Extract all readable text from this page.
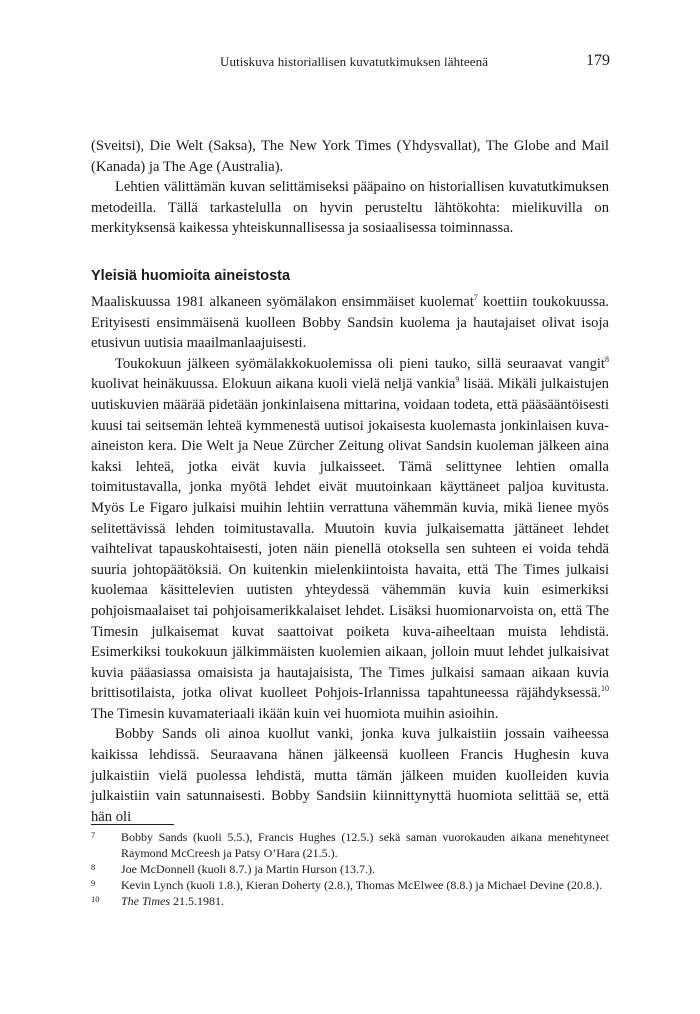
Uutiskuva historiallisen kuvatutkimuksen lähteenä	179

(Sveitsi), Die Welt (Saksa), The New York Times (Yhdysvallat), The Globe and Mail (Kanada) ja The Age (Australia).

Lehtien välittämän kuvan selittämiseksi pääpaino on historiallisen kuvatutkimuksen metodeilla. Tällä tarkastelulla on hyvin perusteltu lähtökohta: mielikuvilla on merkityksensä kaikessa yhteiskunnallisessa ja sosiaalisessa toiminnassa.

Yleisiä huomioita aineistosta

Maaliskuussa 1981 alkaneen syömälakon ensimmäiset kuolemat$^7$ koettiin toukokuussa. Erityisesti ensimmäisenä kuolleen Bobby Sandsin kuolema ja hautajaiset olivat isoja etusivun uutisia maailmanlaajuisesti.

Toukokuun jälkeen syömälakkokuolemissa oli pieni tauko, sillä seuraavat vangit$^8$ kuolivat heinäkuussa. Elokuun aikana kuoli vielä neljä vankia$^9$ lisää. Mikäli julkaistujen uutiskuvien määrää pidetään jonkinlaisena mittarina, voidaan todeta, että pääsääntöisesti kuusi tai seitsemän lehteä kymmenestä uutisoi jokaisesta kuolemasta jonkinlaisen kuva-aineiston kera. Die Welt ja Neue Zürcher Zeitung olivat Sandsin kuoleman jälkeen aina kaksi lehteä, jotka eivät kuvia julkaisseet. Tämä selittynee lehtien omalla toimitustavalla, jonka myötä lehdet eivät muutoinkaan käyttäneet paljoa kuvitusta. Myös Le Figaro julkaisi muihin lehtiin verrattuna vähemmän kuvia, mikä lienee myös selitettävissä lehden toimitustavalla. Muutoin kuvia julkaisematta jättäneet lehdet vaihtelivat tapauskohtaisesti, joten näin pienellä otoksella sen suhteen ei voida tehdä suuria johtopäätöksiä. On kuitenkin mielenkiintoista havaita, että The Times julkaisi kuolemaa käsittelevien uutisten yhteydessä vähemmän kuvia kuin esimerkiksi pohjoismaalaiset tai pohjoisamerikkalaiset lehdet. Lisäksi huomionarvoista on, että The Timesin julkaisemat kuvat saattoivat poiketa kuva-aiheeltaan muista lehdistä. Esimerkiksi toukokuun jälkimmäisten kuolemien aikaan, jolloin muut lehdet julkaisivat kuvia pääasiassa omaisista ja hautajaisista, The Times julkaisi samaan aikaan kuvia brittisotilaista, jotka olivat kuolleet Pohjois-Irlannissa tapahtuneessa räjähdyksessä.$^{10}$ The Timesin kuvamateriaali ikään kuin vei huomiota muihin asioihin.

Bobby Sands oli ainoa kuollut vanki, jonka kuva julkaistiin jossain vaiheessa kaikissa lehdissä. Seuraavana hänen jälkeensä kuolleen Francis Hughesin kuva julkaistiin vielä puolessa lehdistä, mutta tämän jälkeen muiden kuolleiden kuvia julkaistiin vain satunnaisesti. Bobby Sandsiin kiinnittynyttä huomiota selittää se, että hän oli

7 Bobby Sands (kuoli 5.5.), Francis Hughes (12.5.) sekä saman vuorokauden aikana menehtyneet Raymond McCreesh ja Patsy O’Hara (21.5.).
8 Joe McDonnell (kuoli 8.7.) ja Martin Hurson (13.7.).
9 Kevin Lynch (kuoli 1.8.), Kieran Doherty (2.8.), Thomas McElwee (8.8.) ja Michael Devine (20.8.).
10 The Times 21.5.1981.
